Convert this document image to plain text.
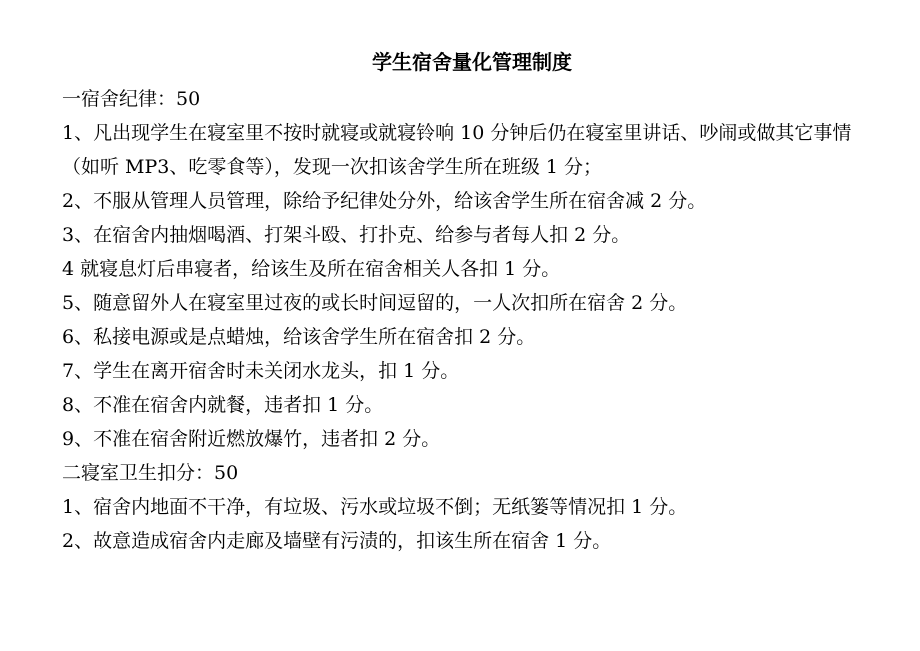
学生宿舍量化管理制度

一宿舍纪律：50

1、凡出现学生在寝室里不按时就寝或就寝铃响 10 分钟后仍在寝室里讲话、吵闹或做其它事情（如听 MP3、吃零食等），发现一次扣该舍学生所在班级 1 分；

2、不服从管理人员管理，除给予纪律处分外，给该舍学生所在宿舍减 2 分。

3、在宿舍内抽烟喝酒、打架斗殴、打扑克、给参与者每人扣 2 分。

4 就寝息灯后串寝者，给该生及所在宿舍相关人各扣 1 分。

5、随意留外人在寝室里过夜的或长时间逗留的，一人次扣所在宿舍 2 分。

6、私接电源或是点蜡烛，给该舍学生所在宿舍扣 2 分。

7、学生在离开宿舍时未关闭水龙头，扣 1 分。

8、不准在宿舍内就餐，违者扣 1 分。

9、不准在宿舍附近燃放爆竹，违者扣 2 分。

二寝室卫生扣分：50

1、宿舍内地面不干净，有垃圾、污水或垃圾不倒；无纸篓等情况扣 1 分。

2、故意造成宿舍内走廊及墙壁有污渍的，扣该生所在宿舍 1 分。
